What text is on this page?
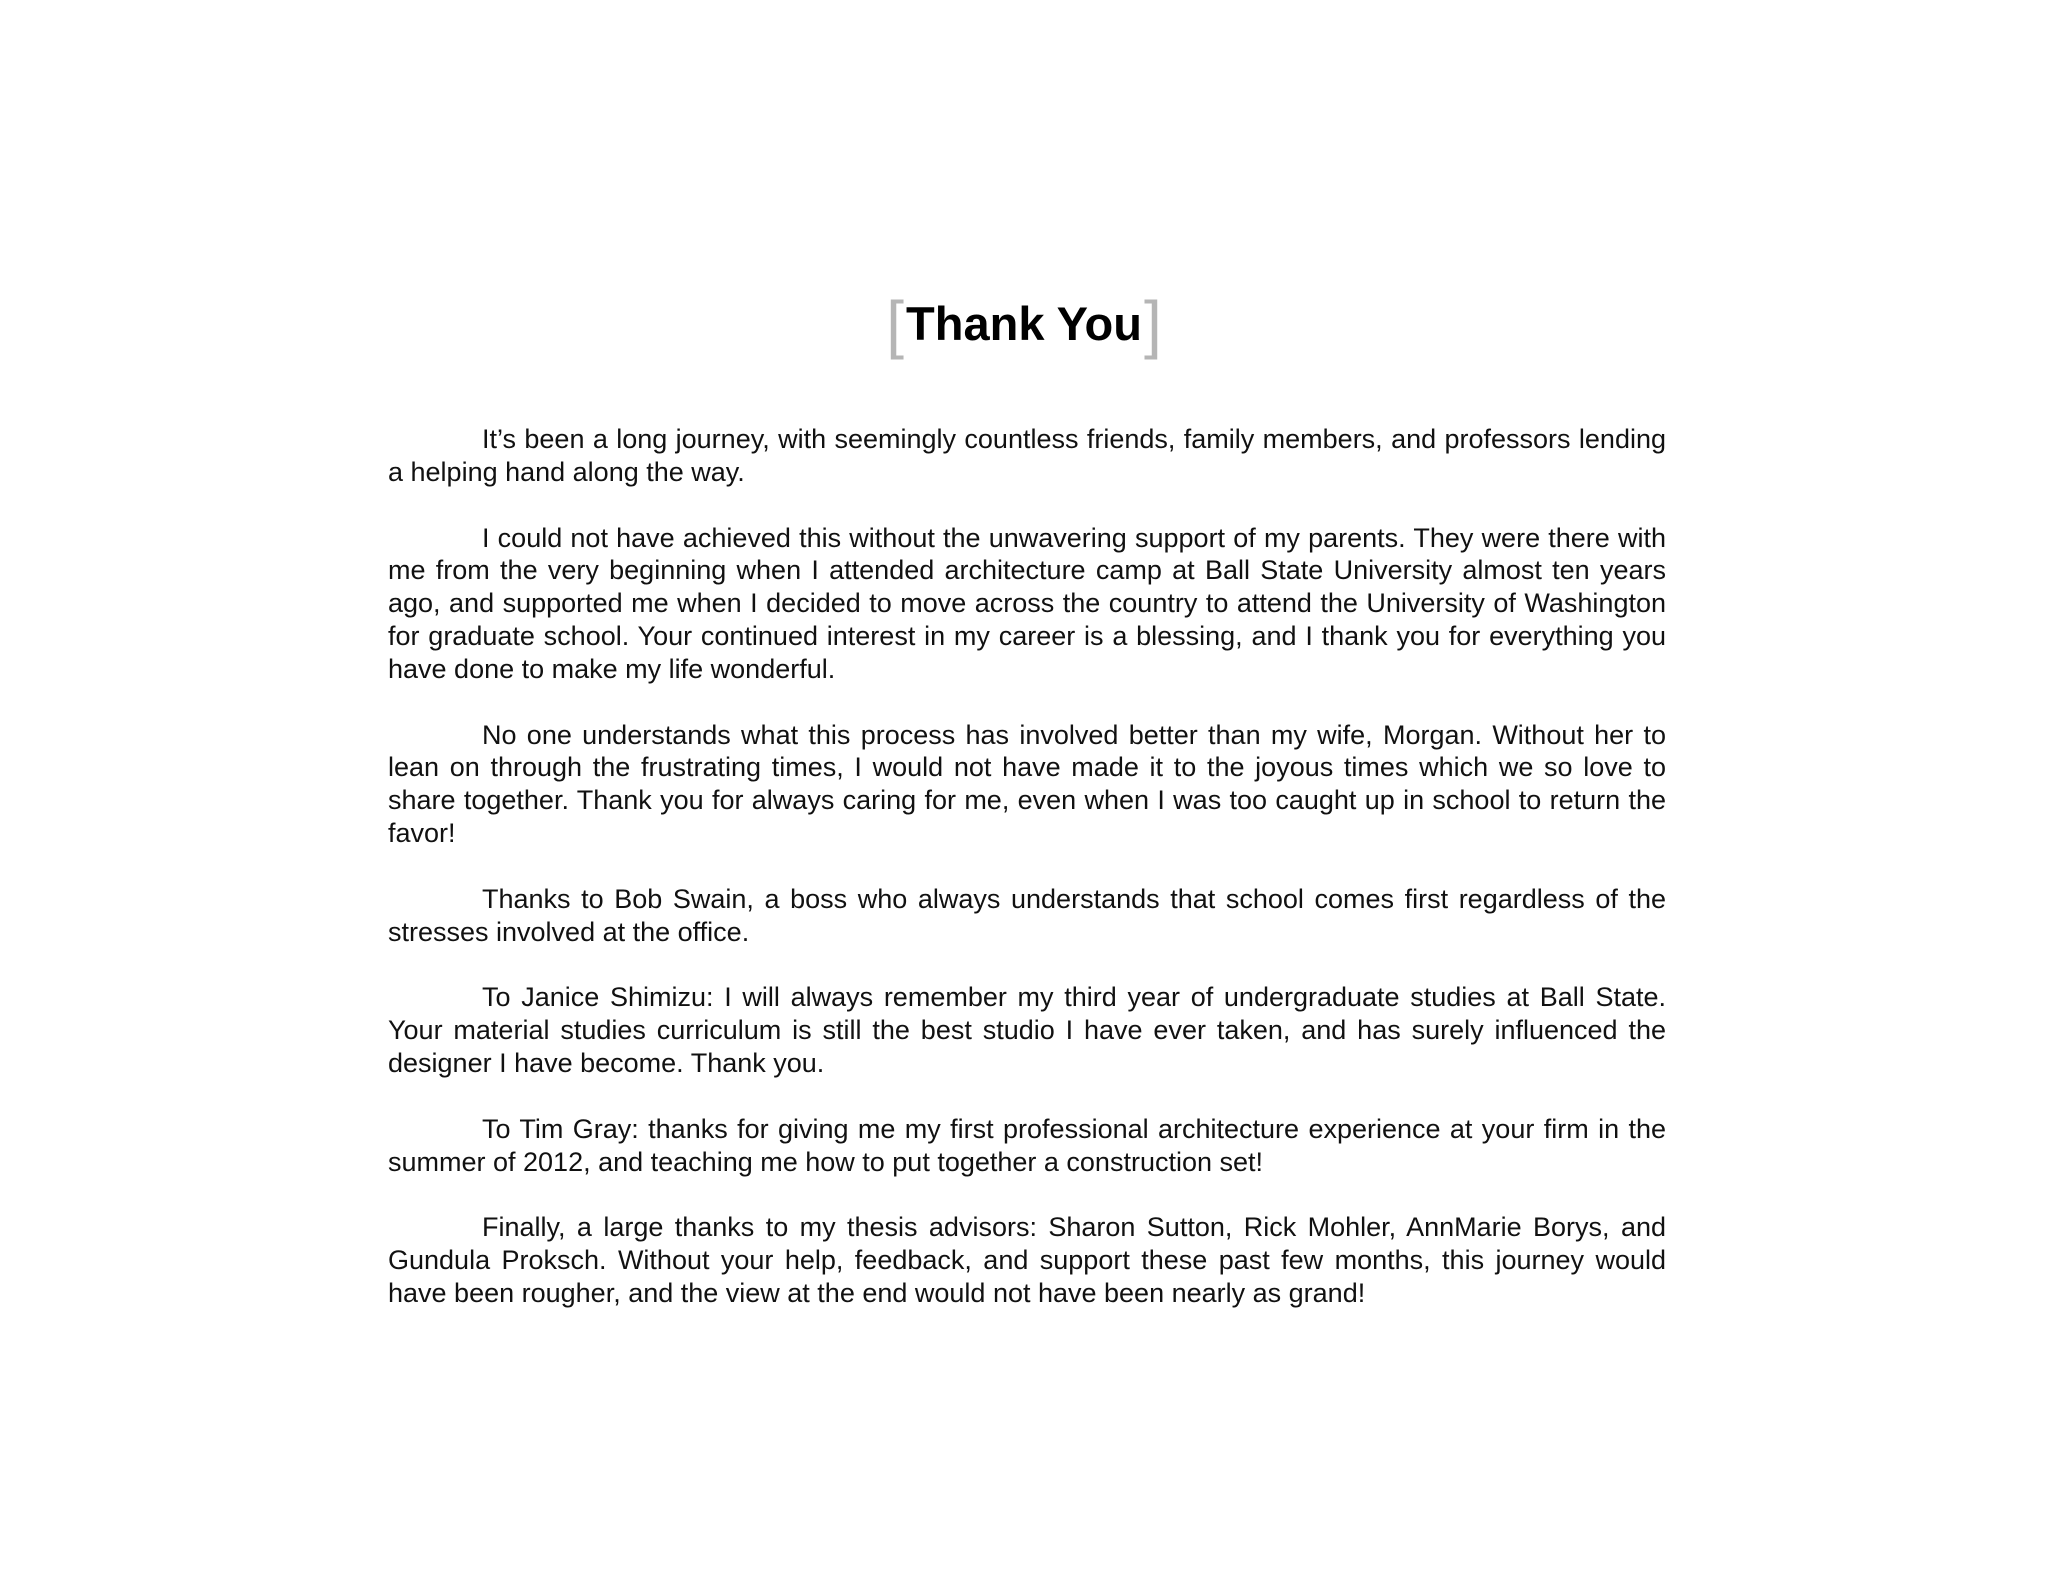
[Thank You]

It’s been a long journey, with seemingly countless friends, family members, and professors lending a helping hand along the way.

I could not have achieved this without the unwavering support of my parents. They were there with me from the very beginning when I attended architecture camp at Ball State University almost ten years ago, and supported me when I decided to move across the country to attend the University of Washington for graduate school. Your continued interest in my career is a blessing, and I thank you for everything you have done to make my life wonderful.

No one understands what this process has involved better than my wife, Morgan. Without her to lean on through the frustrating times, I would not have made it to the joyous times which we so love to share together. Thank you for always caring for me, even when I was too caught up in school to return the favor!

Thanks to Bob Swain, a boss who always understands that school comes first regardless of the stresses involved at the office.

To Janice Shimizu: I will always remember my third year of undergraduate studies at Ball State. Your material studies curriculum is still the best studio I have ever taken, and has surely influenced the designer I have become. Thank you.

To Tim Gray: thanks for giving me my first professional architecture experience at your firm in the summer of 2012, and teaching me how to put together a construction set!

Finally, a large thanks to my thesis advisors: Sharon Sutton, Rick Mohler, AnnMarie Borys, and Gundula Proksch. Without your help, feedback, and support these past few months, this journey would have been rougher, and the view at the end would not have been nearly as grand!
